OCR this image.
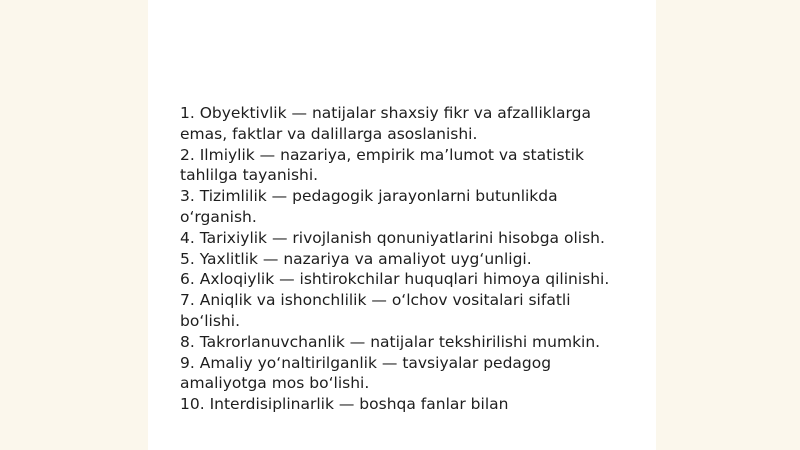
1. Obyektivlik — natijalar shaxsiy fikr va afzalliklarga emas, faktlar va dalillarga asoslanishi.
2. Ilmiylik — nazariya, empirik ma’lumot va statistik tahlilga tayanishi.
3. Tizimlilik — pedagogik jarayonlarni butunlikda o‘rganish.
4. Tarixiylik — rivojlanish qonuniyatlarini hisobga olish.
5. Yaxlitlik — nazariya va amaliyot uyg‘unligi.
6. Axloqiylik — ishtirokchilar huquqlari himoya qilinishi.
7. Aniqlik va ishonchlilik — o‘lchov vositalari sifatli bo‘lishi.
8. Takrorlanuvchanlik — natijalar tekshirilishi mumkin.
9. Amaliy yo‘naltirilganlik — tavsiyalar pedagog amaliyotga mos bo‘lishi.
10. Interdisiplinarlik — boshqa fanlar bilan
